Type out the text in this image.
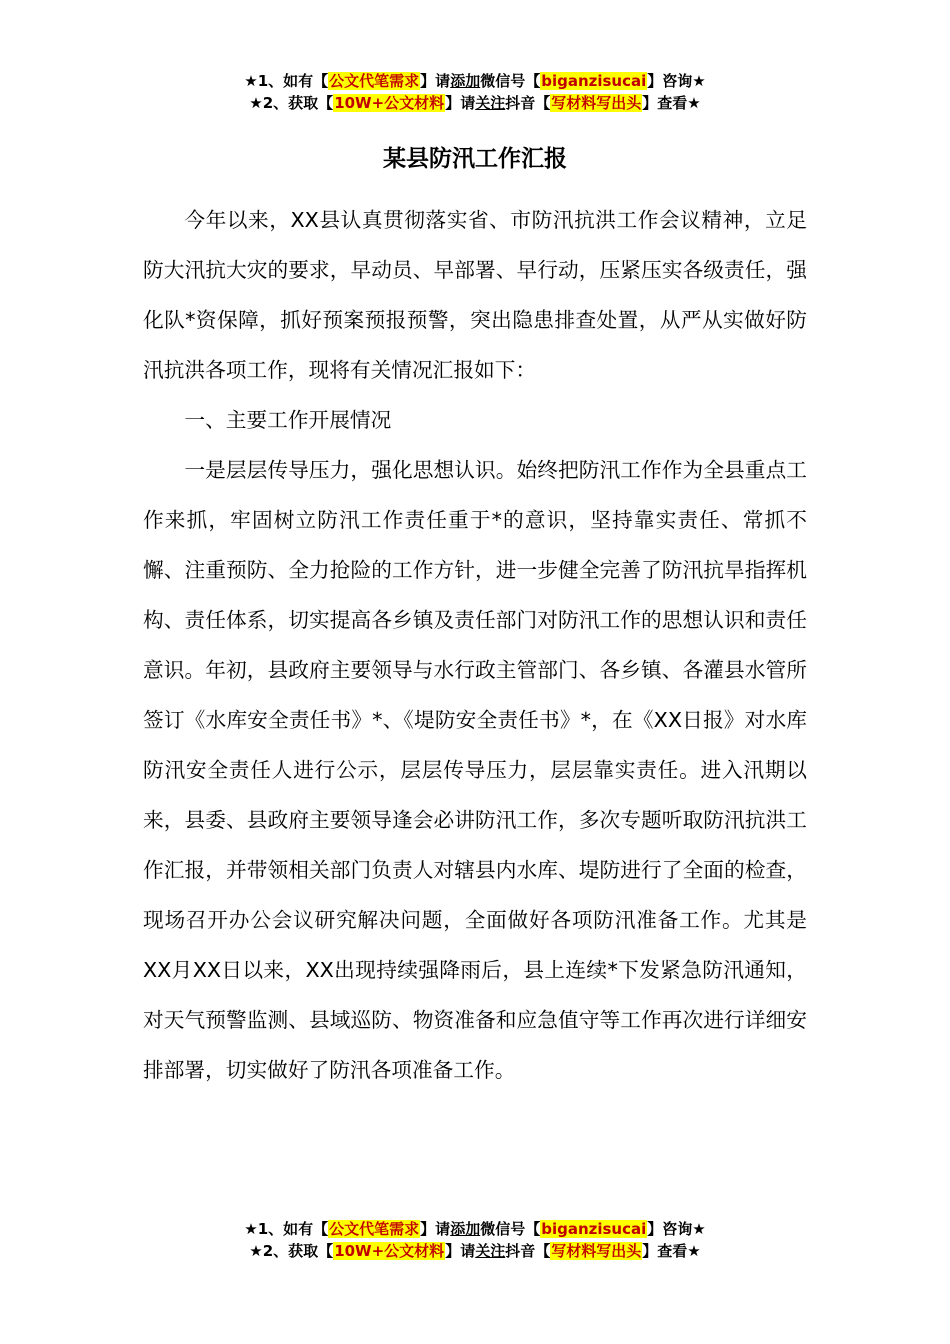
★1、如有【公文代笔需求】请添加微信号【biganzisucai】咨询★
★2、获取【10W+公文材料】请关注抖音【写材料写出头】查看★
某县防汛工作汇报

今年以来，XX县认真贯彻落实省、市防汛抗洪工作会议精神，立足防大汛抗大灾的要求，早动员、早部署、早行动，压紧压实各级责任，强化队*资保障，抓好预案预报预警，突出隐患排查处置，从严从实做好防汛抗洪各项工作，现将有关情况汇报如下：

一、主要工作开展情况

一是层层传导压力，强化思想认识。始终把防汛工作作为全县重点工作来抓，牢固树立防汛工作责任重于*的意识，坚持靠实责任、常抓不懈、注重预防、全力抢险的工作方针，进一步健全完善了防汛抗旱指挥机构、责任体系，切实提高各乡镇及责任部门对防汛工作的思想认识和责任意识。年初，县政府主要领导与水行政主管部门、各乡镇、各灌县水管所签订《水库安全责任书》*、《堤防安全责任书》*，在《XX日报》对水库防汛安全责任人进行公示，层层传导压力，层层靠实责任。进入汛期以来，县委、县政府主要领导逢会必讲防汛工作，多次专题听取防汛抗洪工作汇报，并带领相关部门负责人对辖县内水库、堤防进行了全面的检查，现场召开办公会议研究解决问题，全面做好各项防汛准备工作。尤其是XX月XX日以来，XX出现持续强降雨后，县上连续*下发紧急防汛通知，对天气预警监测、县域巡防、物资准备和应急值守等工作再次进行详细安排部署，切实做好了防汛各项准备工作。

★1、如有【公文代笔需求】请添加微信号【biganzisucai】咨询★
★2、获取【10W+公文材料】请关注抖音【写材料写出头】查看★
